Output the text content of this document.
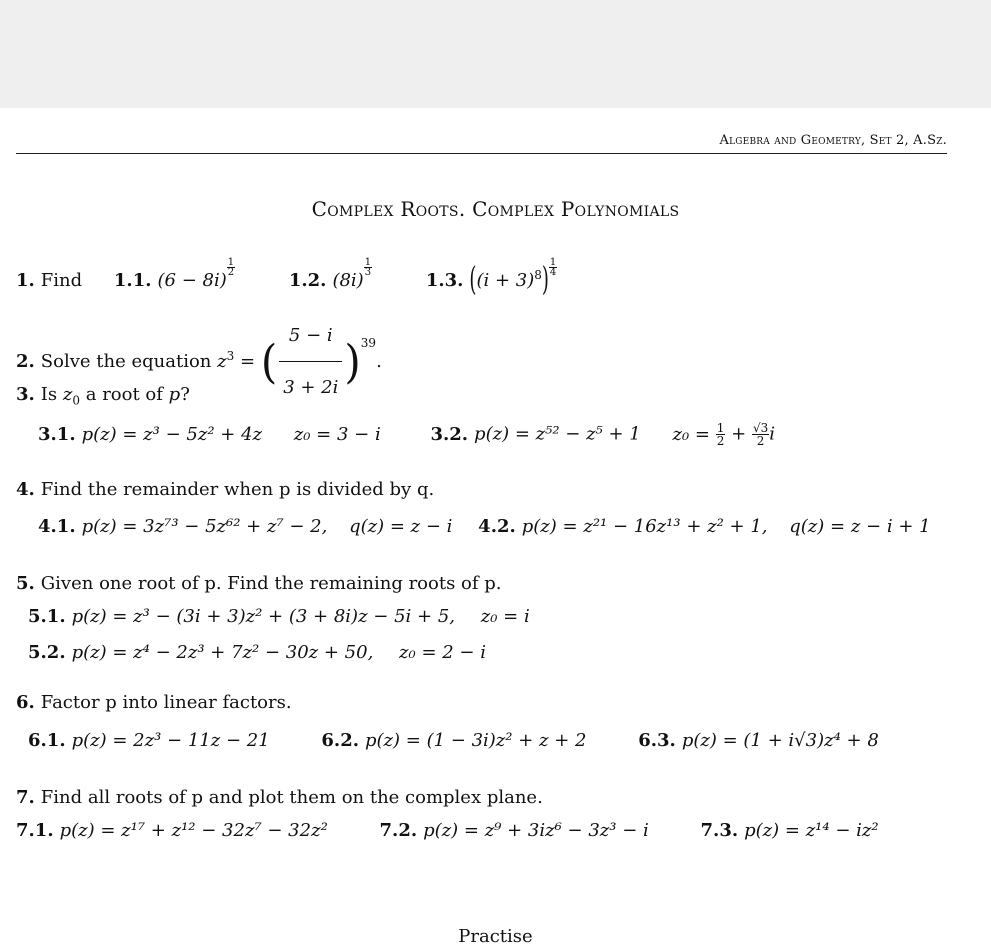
Algebra and Geometry, Set 2, A.Sz.
Complex Roots. Complex Polynomials
1. Find 1.1. (6 − 8i)
$\frac{1}{2}$
1.2. (8i)
$\frac{1}{3}$
1.3. $((i + 3)^8) \frac{1}{4}$
2. Solve the equation $z^3$ = ( $\frac{5 - i}{3 + 2i} )^{39}$.
3. Is $z_0$ a root of p?
3.1. p(z) = z³ − 5z² + 4z z₀ = 3 − i	3.2. p(z) = z⁵² − z⁵ + 1 $z_0 = \frac{1}{2} + \frac{√3}{2}$ i
4. Find the remainder when p is divided by q.
4.1. p(z) = 3z⁷³ − 5z⁶² + z⁷ − 2, q(z) = z − i 4.2. p(z) = z²¹ − 16z¹³ + z² + 1, q(z) = z − i + 1
5. Given one root of p. Find the remaining roots of p.
5.1. p(z) = z³ − (3i + 3)z² + (3 + 8i)z − 5i + 5, z₀ = i
5.2. p(z) = z⁴ − 2z³ + 7z² − 30z + 50, z₀ = 2 − i
6. Factor p into linear factors.
6.1. p(z) = 2z³ − 11z − 21	6.2. p(z) = (1 − 3i)z² + z + 2	6.3. p(z) = (1 + i√3)z⁴ + 8
7. Find all roots of p and plot them on the complex plane.
7.1. p(z) = z¹⁷ + z¹² − 32z⁷ − 32z²	7.2. p(z) = z⁹ + 3iz⁶ − 3z³ − i	7.3. p(z) = z¹⁴ − iz²
Practise
